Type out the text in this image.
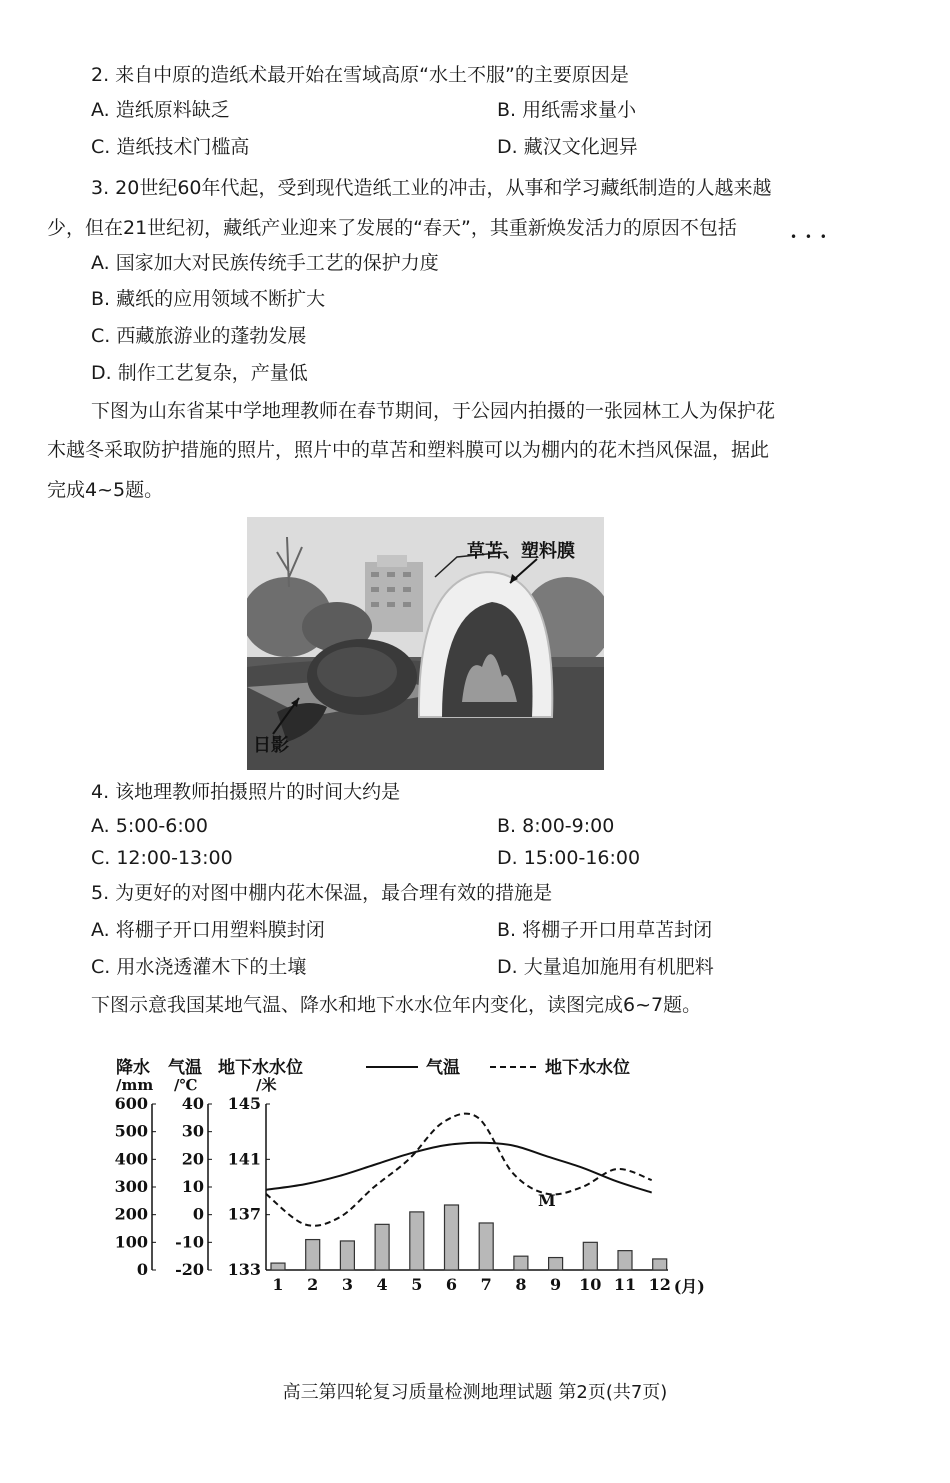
2. 来自中原的造纸术最开始在雪域高原“水土不服”的主要原因是
A. 造纸原料缺乏	B. 用纸需求量小
C. 造纸技术门槛高	D. 藏汉文化迥异
3. 20世纪60年代起，受到现代造纸工业的冲击，从事和学习藏纸制造的人越来越
少，但在21世纪初，藏纸产业迎来了发展的“春天”，其重新焕发活力的原因不包括	• • •
A. 国家加大对民族传统手工艺的保护力度
B. 藏纸的应用领域不断扩大
C. 西藏旅游业的蓬勃发展
D. 制作工艺复杂，产量低
下图为山东省某中学地理教师在春节期间，于公园内拍摄的一张园林工人为保护花
木越冬采取防护措施的照片，照片中的草苫和塑料膜可以为棚内的花木挡风保温，据此
完成4~5题。
草苫、塑料膜
日影
4. 该地理教师拍摄照片的时间大约是
A. 5:00-6:00	B. 8:00-9:00
C. 12:00-13:00	D. 15:00-16:00
5. 为更好的对图中棚内花木保温，最合理有效的措施是
A. 将棚子开口用塑料膜封闭	B. 将棚子开口用草苫封闭
C. 用水浇透灌木下的土壤	D. 大量追加施用有机肥料
下图示意我国某地气温、降水和地下水水位年内变化，读图完成6~7题。
降水
/mm
气温
/℃
地下水水位
/米
气温	地下水水位
600
500
400
300
200
100
0
40
30
20
10
0
-10
-20
145
141
137
133
1 2 3 4 5 6 7 8 9 10 11 12 (月)
M
高三第四轮复习质量检测地理试题 第2页(共7页)
